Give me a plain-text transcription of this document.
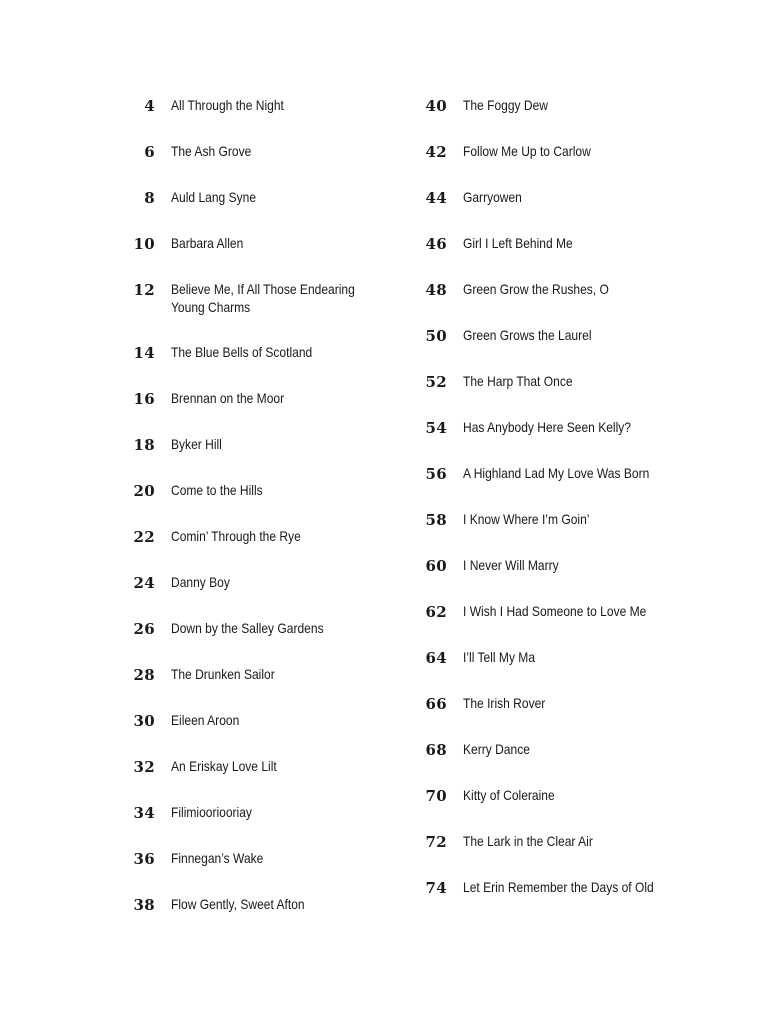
4 All Through the Night
6 The Ash Grove
8 Auld Lang Syne
10 Barbara Allen
12 Believe Me, If All Those Endearing Young Charms
14 The Blue Bells of Scotland
16 Brennan on the Moor
18 Byker Hill
20 Come to the Hills
22 Comin’ Through the Rye
24 Danny Boy
26 Down by the Salley Gardens
28 The Drunken Sailor
30 Eileen Aroon
32 An Eriskay Love Lilt
34 Filimiooriooriay
36 Finnegan’s Wake
38 Flow Gently, Sweet Afton
40 The Foggy Dew
42 Follow Me Up to Carlow
44 Garryowen
46 Girl I Left Behind Me
48 Green Grow the Rushes, O
50 Green Grows the Laurel
52 The Harp That Once
54 Has Anybody Here Seen Kelly?
56 A Highland Lad My Love Was Born
58 I Know Where I’m Goin’
60 I Never Will Marry
62 I Wish I Had Someone to Love Me
64 I’ll Tell My Ma
66 The Irish Rover
68 Kerry Dance
70 Kitty of Coleraine
72 The Lark in the Clear Air
74 Let Erin Remember the Days of Old
